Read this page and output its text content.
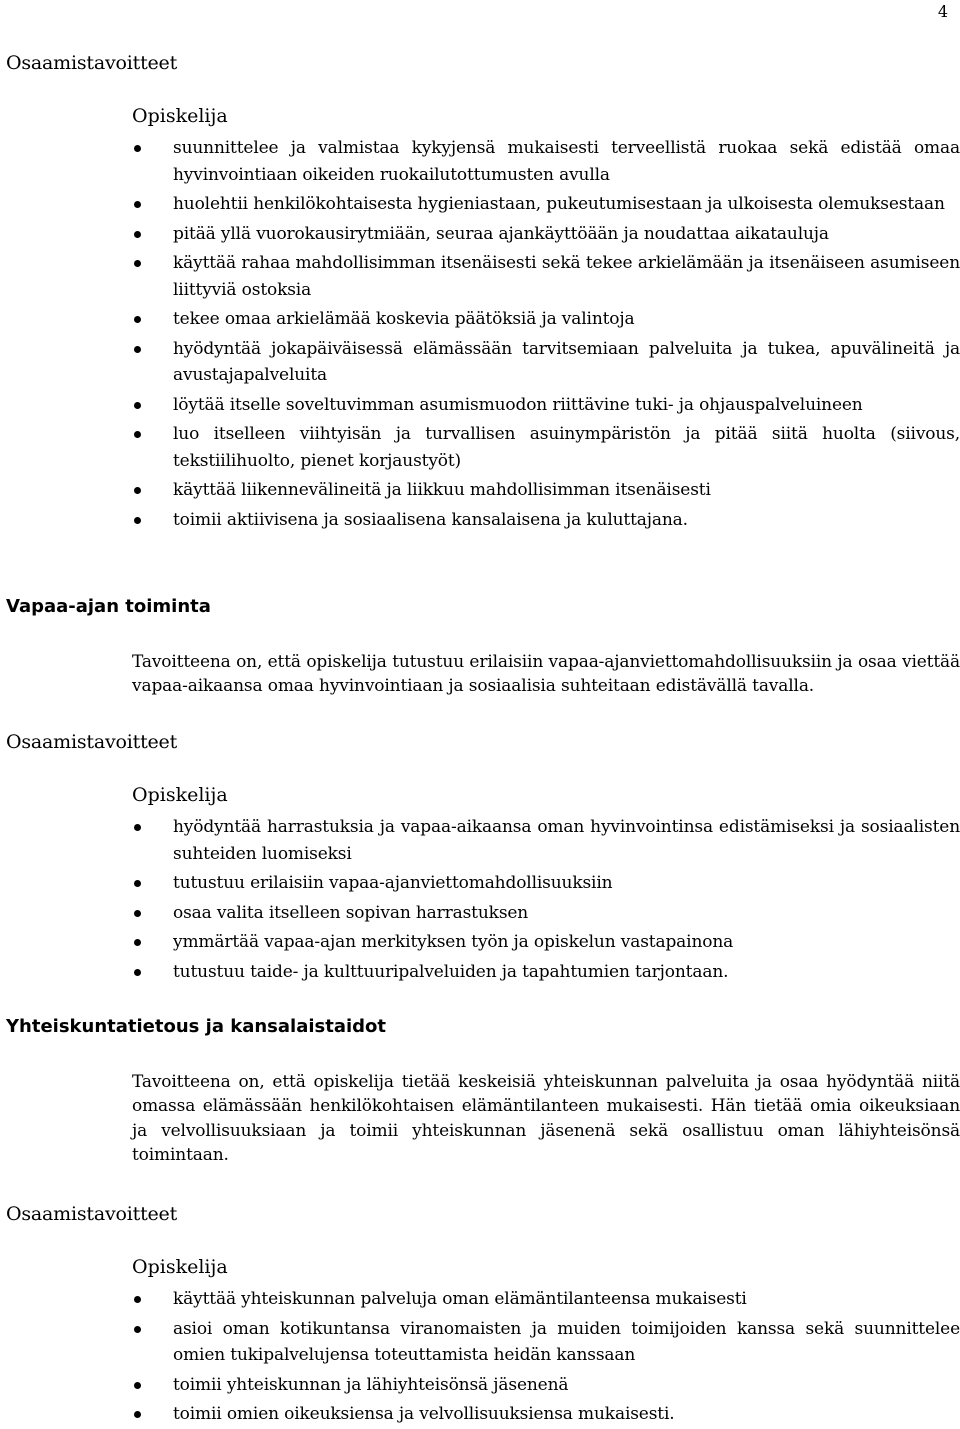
4
Osaamistavoitteet
Opiskelija
suunnittelee ja valmistaa kykyjensä mukaisesti terveellistä ruokaa sekä edistää omaa hyvinvointiaan oikeiden ruokailutottumusten avulla
huolehtii henkilökohtaisesta hygieniastaan, pukeutumisestaan ja ulkoisesta olemuksestaan
pitää yllä vuorokausirytmiään, seuraa ajankäyttöään ja noudattaa aikatauluja
käyttää rahaa mahdollisimman itsenäisesti sekä tekee arkielämään ja itsenäiseen asumiseen liittyviä ostoksia
tekee omaa arkielämää koskevia päätöksiä ja valintoja
hyödyntää jokapäiväisessä elämässään tarvitsemiaan palveluita ja tukea, apuvälineitä ja avustajapalveluita
löytää itselle soveltuvimman asumismuodon riittävine tuki- ja ohjauspalveluineen
luo itselleen viihtyisän ja turvallisen asuinympäristön ja pitää siitä huolta (siivous, tekstiilihuolto, pienet korjaustyöt)
käyttää liikennevälineitä ja liikkuu mahdollisimman itsenäisesti
toimii aktiivisena ja sosiaalisena kansalaisena ja kuluttajana.
Vapaa-ajan toiminta
Tavoitteena on, että opiskelija tutustuu erilaisiin vapaa-ajanviettomahdollisuuksiin ja osaa viettää vapaa-aikaansa omaa hyvinvointiaan ja sosiaalisia suhteitaan edistävällä tavalla.
Osaamistavoitteet
Opiskelija
hyödyntää harrastuksia ja vapaa-aikaansa oman hyvinvointinsa edistämiseksi ja sosiaalisten suhteiden luomiseksi
tutustuu erilaisiin vapaa-ajanviettomahdollisuuksiin
osaa valita itselleen sopivan harrastuksen
ymmärtää vapaa-ajan merkityksen työn ja opiskelun vastapainona
tutustuu taide- ja kulttuuripalveluiden ja tapahtumien tarjontaan.
Yhteiskuntatietous ja kansalaistaidot
Tavoitteena on, että opiskelija tietää keskeisiä yhteiskunnan palveluita ja osaa hyödyntää niitä omassa elämässään henkilökohtaisen elämäntilanteen mukaisesti. Hän tietää omia oikeuksiaan ja velvollisuuksiaan ja toimii yhteiskunnan jäsenenä sekä osallistuu oman lähiyhteisönsä toimintaan.
Osaamistavoitteet
Opiskelija
käyttää yhteiskunnan palveluja oman elämäntilanteensa mukaisesti
asioi oman kotikuntansa viranomaisten ja muiden toimijoiden kanssa sekä suunnittelee omien tukipalvelujensa toteuttamista heidän kanssaan
toimii yhteiskunnan ja lähiyhteisönsä jäsenenä
toimii omien oikeuksiensa ja velvollisuuksiensa mukaisesti.
